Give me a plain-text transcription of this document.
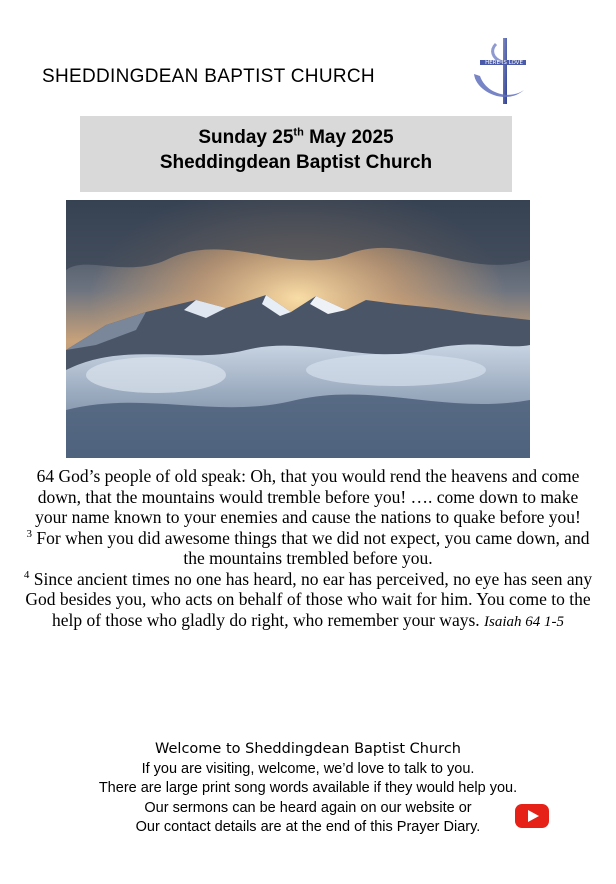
SHEDDINGDEAN BAPTIST CHURCH
HERE IS LOVE
Sunday 25th May 2025
Sheddingdean Baptist Church

64 God’s people of old speak: Oh, that you would rend the heavens and come down, that the mountains would tremble before you! …. come down to make your name known to your enemies and cause the nations to quake before you!

$^3$ For when you did awesome things that we did not expect, you came down, and the mountains trembled before you.

$^4$ Since ancient times no one has heard, no ear has perceived, no eye has seen any God besides you, who acts on behalf of those who wait for him. You come to the help of those who gladly do right, who remember your ways. Isaiah 64 1-5

Welcome to Sheddingdean Baptist Church
If you are visiting, welcome, we’d love to talk to you.
There are large print song words available if they would help you.
Our sermons can be heard again on our website or
Our contact details are at the end of this Prayer Diary.
